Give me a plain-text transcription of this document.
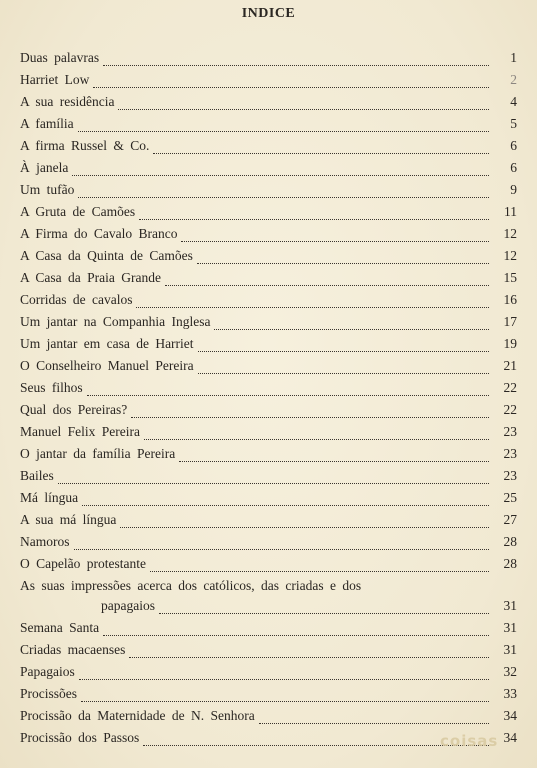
INDICE
Duas palavras	1
Harriet Low	2
A sua residência	4
A família	5
A firma Russel & Co.	6
À janela	6
Um tufão	9
A Gruta de Camões	11
A Firma do Cavalo Branco	12
A Casa da Quinta de Camões	12
A Casa da Praia Grande	15
Corridas de cavalos	16
Um jantar na Companhia Inglesa	17
Um jantar em casa de Harriet	19
O Conselheiro Manuel Pereira	21
Seus filhos	22
Qual dos Pereiras?	22
Manuel Felix Pereira	23
O jantar da família Pereira	23
Bailes	23
Má língua	25
A sua má língua	27
Namoros	28
O Capelão protestante	28
As suas impressões acerca dos católicos, das criadas e dos
papagaios	31
Semana Santa	31
Criadas macaenses	31
Papagaios	32
Procissões	33
Procissão da Maternidade de N. Senhora	34
Procissão dos Passos	34
coisas
